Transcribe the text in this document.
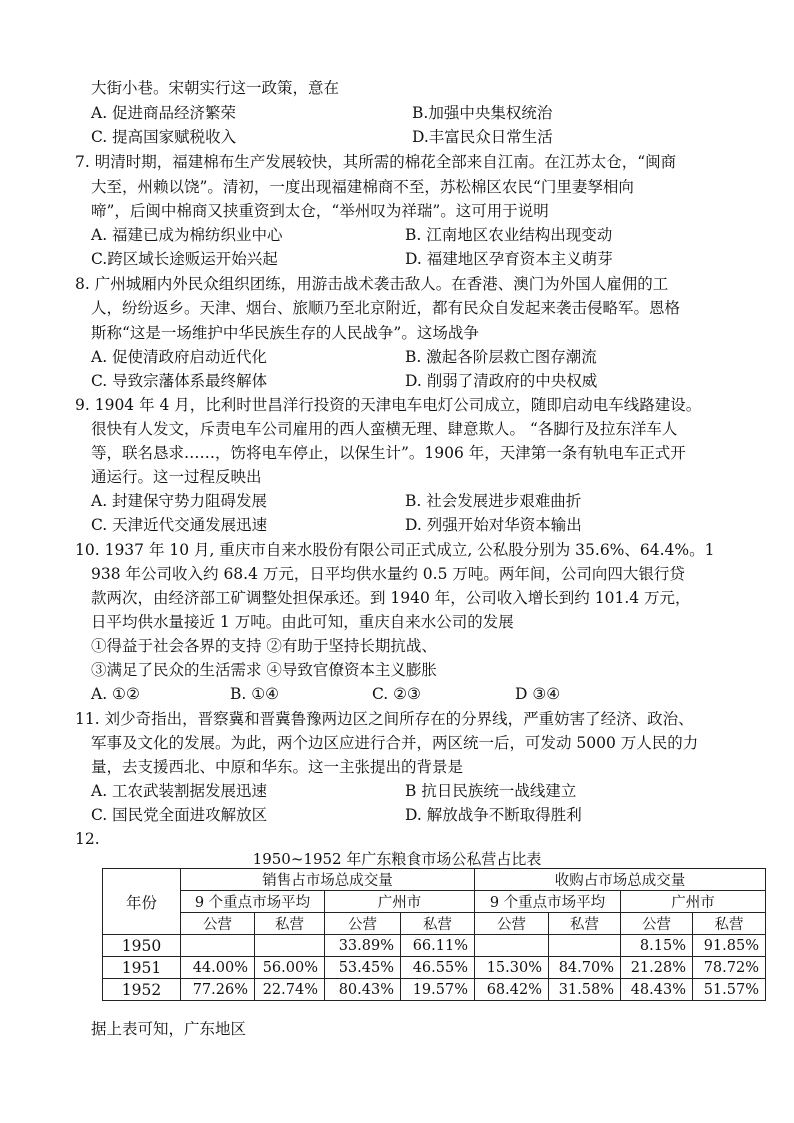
大街小巷。宋朝实行这一政策，意在
A. 促进商品经济繁荣	B.加强中央集权统治
C. 提高国家赋税收入	D.丰富民众日常生活
7. 明清时期，福建棉布生产发展较快，其所需的棉花全部来自江南。在江苏太仓，“闽商
大至，州赖以饶”。清初，一度出现福建棉商不至，苏松棉区农民“门里妻孥相向
啼”，后闽中棉商又挟重资到太仓，“举州叹为祥瑞”。这可用于说明
A. 福建已成为棉纺织业中心	B. 江南地区农业结构出现变动
C.跨区域长途贩运开始兴起	D. 福建地区孕育资本主义萌芽
8. 广州城厢内外民众组织团练，用游击战术袭击敌人。在香港、澳门为外国人雇佣的工
人，纷纷返乡。天津、烟台、旅顺乃至北京附近，都有民众自发起来袭击侵略军。恩格
斯称“这是一场维护中华民族生存的人民战争”。这场战争
A. 促使清政府启动近代化	B. 激起各阶层救亡图存潮流
C. 导致宗藩体系最终解体	D. 削弱了清政府的中央权威
9. 1904 年 4 月，比利时世昌洋行投资的天津电车电灯公司成立，随即启动电车线路建设。
很快有人发文，斥责电车公司雇用的西人蛮横无理、肆意欺人。 “各脚行及拉东洋车人
等，联名恳求……，饬将电车停止，以保生计”。1906 年，天津第一条有轨电车正式开
通运行。这一过程反映出
A. 封建保守势力阻碍发展	B. 社会发展进步艰难曲折
C. 天津近代交通发展迅速	D. 列强开始对华资本输出
10. 1937 年 10 月, 重庆市自来水股份有限公司正式成立, 公私股分别为 35.6%、64.4%。1
938 年公司收入约 68.4 万元，日平均供水量约 0.5 万吨。两年间，公司向四大银行贷
款两次，由经济部工矿调整处担保承还。到 1940 年，公司收入增长到约 101.4 万元，
日平均供水量接近 1 万吨。由此可知，重庆自来水公司的发展
①得益于社会各界的支持 ②有助于坚持长期抗战、
③满足了民众的生活需求 ④导致官僚资本主义膨胀
A. ①②	B. ①④	C. ②③	D ③④
11. 刘少奇指出，晋察冀和晋冀鲁豫两边区之间所存在的分界线，严重妨害了经济、政治、
军事及文化的发展。为此，两个边区应进行合并，两区统一后，可发动 5000 万人民的力
量，去支援西北、中原和华东。这一主张提出的背景是
A. 工农武装割据发展迅速	B 抗日民族统一战线建立
C. 国民党全面进攻解放区	D. 解放战争不断取得胜利
12.
1950~1952 年广东粮食市场公私营占比表
年份	销售占市场总成交量				收购占市场总成交量			
	9 个重点市场平均		广州市		9 个重点市场平均		广州市	
	公营	私营	公营	私营	公营	私营	公营	私营
1950			33.89%	66.11%			8.15%	91.85%
1951	44.00%	56.00%	53.45%	46.55%	15.30%	84.70%	21.28%	78.72%
1952	77.26%	22.74%	80.43%	19.57%	68.42%	31.58%	48.43%	51.57%
据上表可知，广东地区
